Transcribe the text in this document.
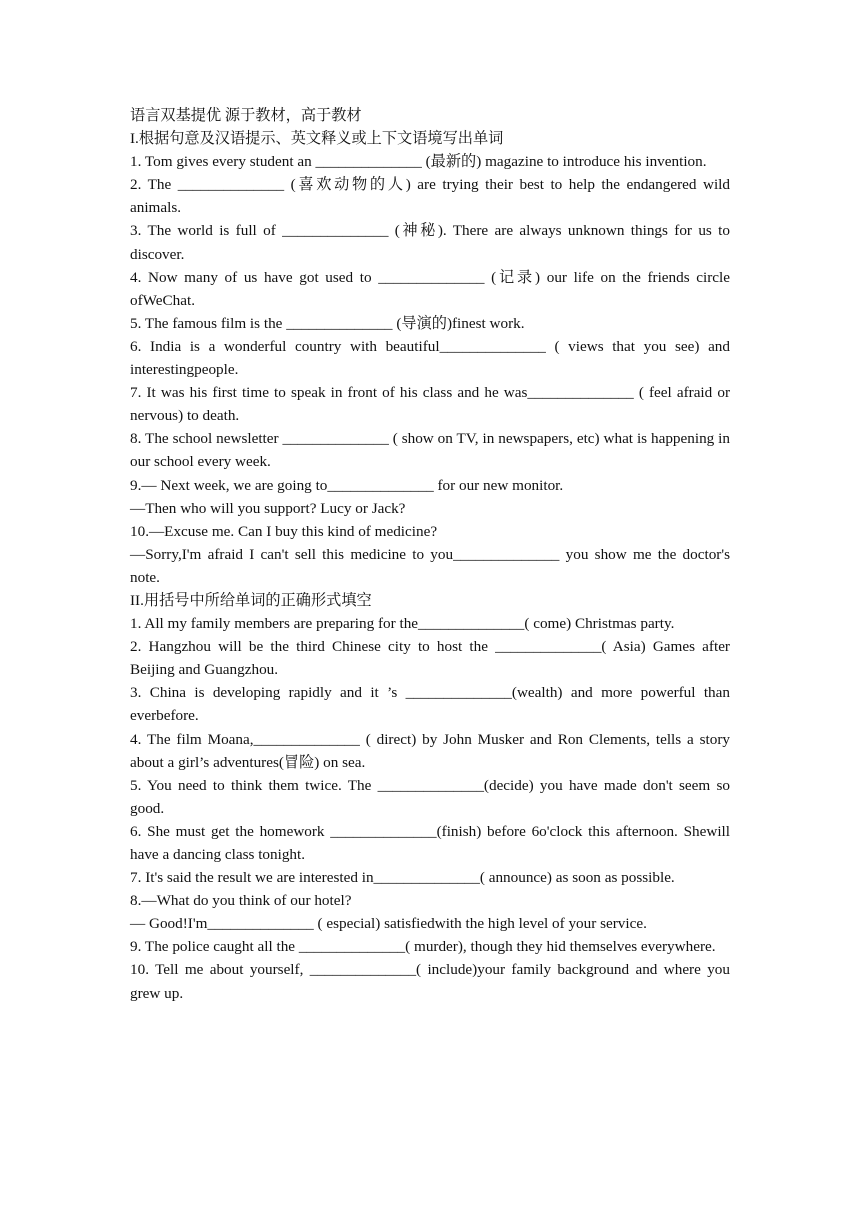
语言双基提优 源于教材，高于教材

I.根据句意及汉语提示、英文释义或上下文语境写出单词

1. Tom gives every student an ______________ (最新的) magazine to introduce his invention.

2. The ______________ (喜欢动物的人) are trying their best to help the endangered wild animals.

3. The world is full of ______________ (神秘). There are always unknown things for us to discover.

4. Now many of us have got used to ______________ (记录) our life on the friends circle ofWeChat.

5. The famous film is the ______________ (导演的)finest work.

6. India is a wonderful country with beautiful______________ ( views that you see) and interestingpeople.

7. It was his first time to speak in front of his class and he was______________ ( feel afraid or nervous) to death.

8. The school newsletter ______________ ( show on TV, in newspapers, etc) what is happening in our school every week.

9.— Next week, we are going to______________ for our new monitor.

—Then who will you support? Lucy or Jack?

10.—Excuse me. Can I buy this kind of medicine?

—Sorry,I'm afraid I can't sell this medicine to you______________ you show me the doctor's note.

II.用括号中所给单词的正确形式填空

1. All my family members are preparing for the______________( come) Christmas party.

2. Hangzhou will be the third Chinese city to host the ______________( Asia) Games after Beijing and Guangzhou.

3. China is developing rapidly and it ’s ______________(wealth) and more powerful than everbefore.

4. The film Moana,______________ ( direct) by John Musker and Ron Clements, tells a story about a girl’s adventures(冒险) on sea.

5. You need to think them twice. The ______________(decide) you have made don't seem so good.

6. She must get the homework ______________(finish) before 6o'clock this afternoon. Shewill have a dancing class tonight.

7. It's said the result we are interested in______________( announce) as soon as possible.

8.—What do you think of our hotel?

— Good!I'm______________ ( especial) satisfiedwith the high level of your service.

9. The police caught all the ______________( murder), though they hid themselves everywhere.

10. Tell me about yourself, ______________( include)your family background and where you grew up.
